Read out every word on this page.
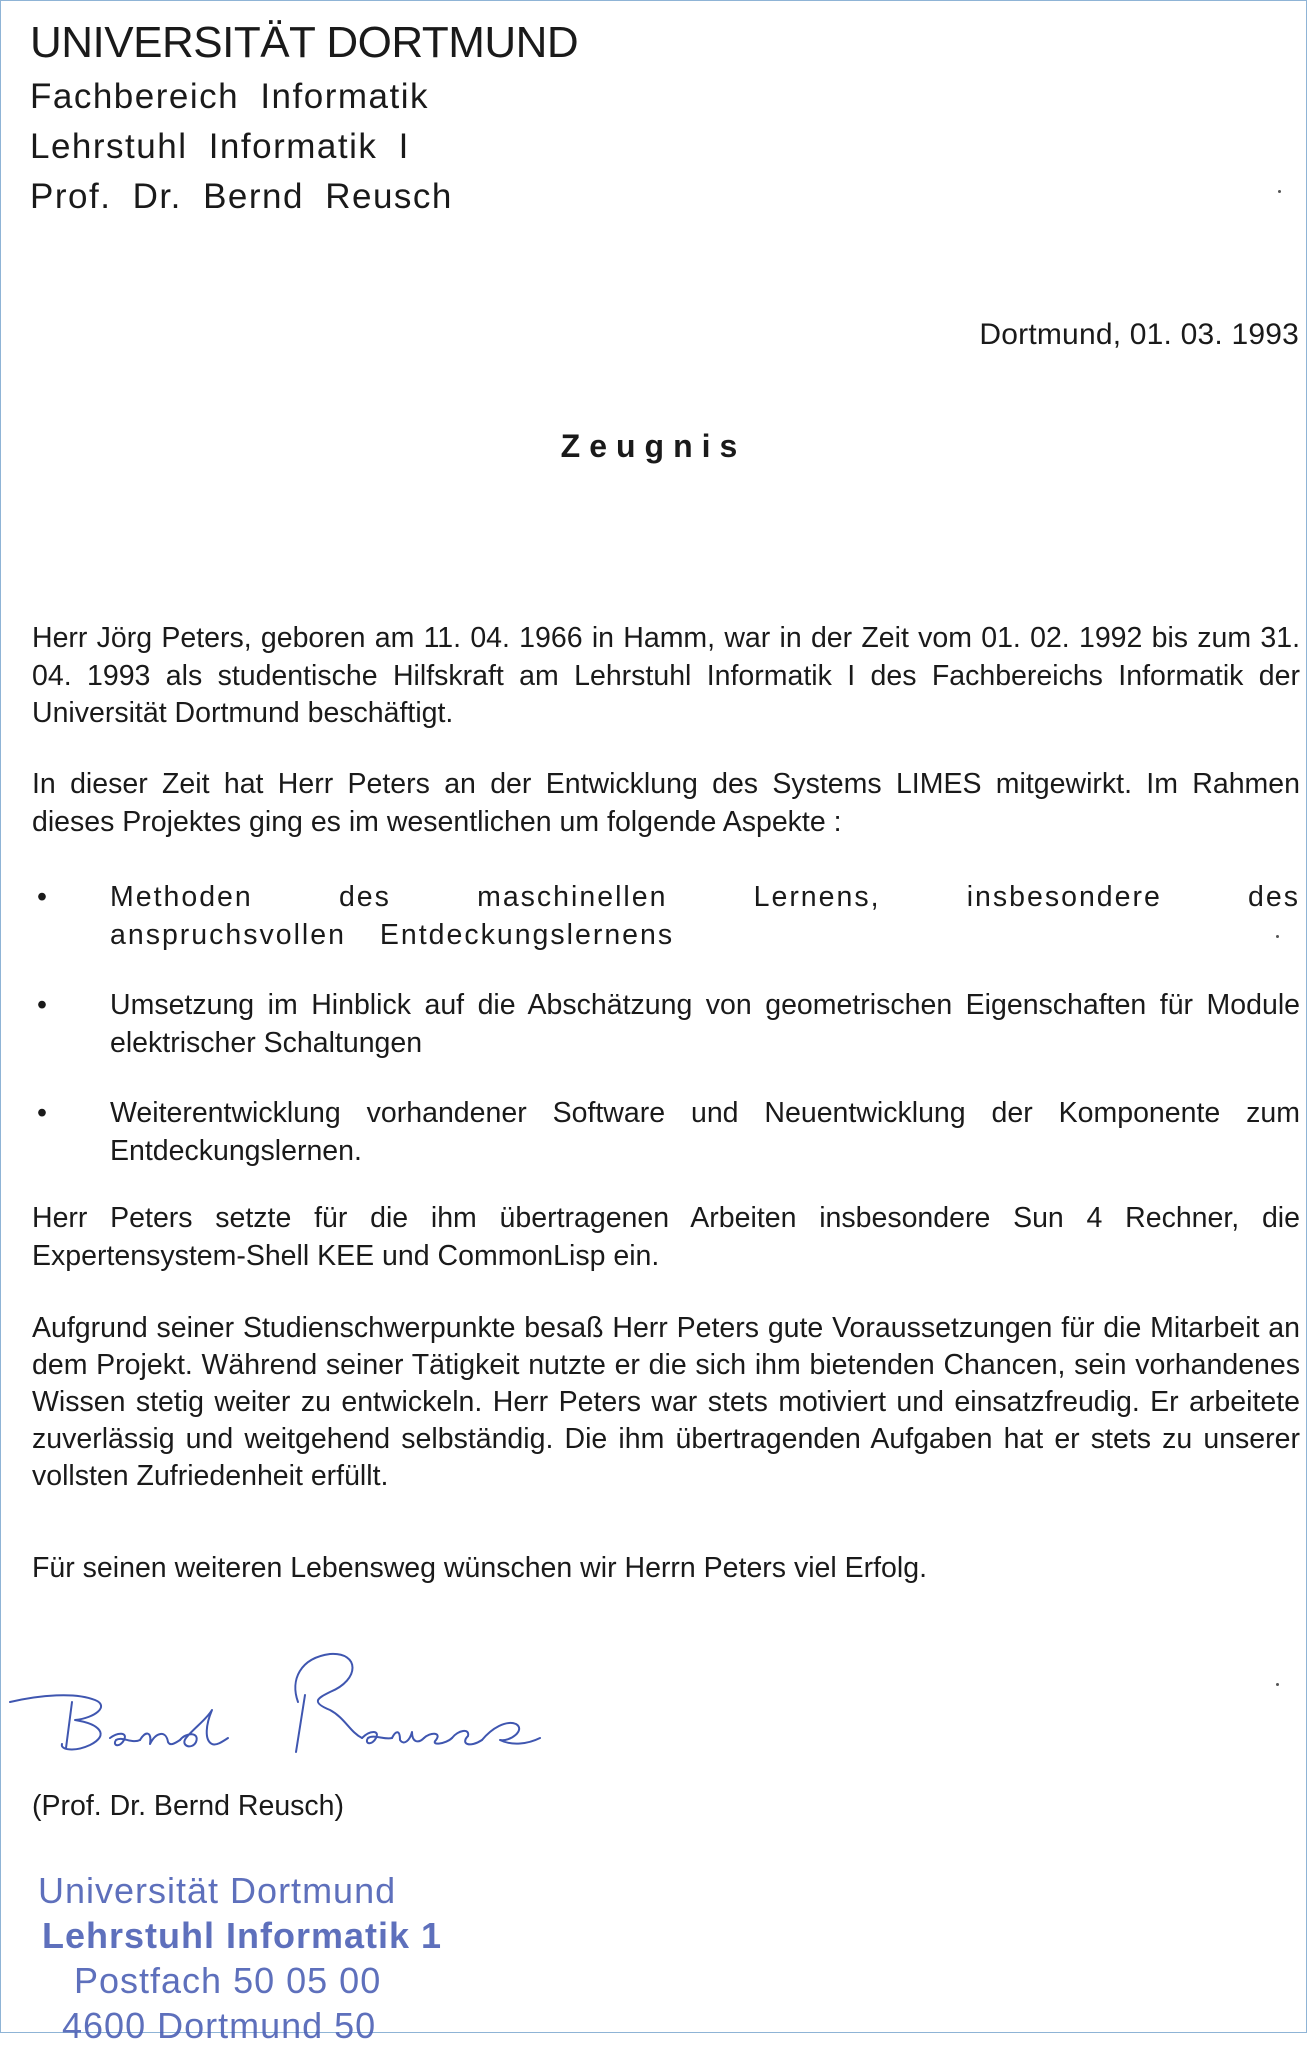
UNIVERSITÄT DORTMUND
Fachbereich Informatik
Lehrstuhl Informatik I
Prof. Dr. Bernd Reusch
Dortmund, 01. 03. 1993
Zeugnis

Herr Jörg Peters, geboren am 11. 04. 1966 in Hamm, war in der Zeit vom 01. 02. 1992 bis zum 31. 04. 1993 als studentische Hilfskraft am Lehrstuhl Informatik I des Fachbereichs Informatik der Universität Dortmund beschäftigt.

In dieser Zeit hat Herr Peters an der Entwicklung des Systems LIMES mitgewirkt. Im Rahmen dieses Projektes ging es im wesentlichen um folgende Aspekte :

• Methoden des maschinellen Lernens, insbesondere des anspruchsvollen Entdeckungslernens
• Umsetzung im Hinblick auf die Abschätzung von geometrischen Eigenschaften für Module elektrischer Schaltungen
• Weiterentwicklung vorhandener Software und Neuentwicklung der Komponente zum Entdeckungslernen.

Herr Peters setzte für die ihm übertragenen Arbeiten insbesondere Sun 4 Rechner, die Expertensystem-Shell KEE und CommonLisp ein.

Aufgrund seiner Studienschwerpunkte besaß Herr Peters gute Voraussetzungen für die Mitarbeit an dem Projekt. Während seiner Tätigkeit nutzte er die sich ihm bietenden Chancen, sein vorhandenes Wissen stetig weiter zu entwickeln. Herr Peters war stets motiviert und einsatzfreudig. Er arbeitete zuverlässig und weitgehend selbständig. Die ihm übertragenden Aufgaben hat er stets zu unserer vollsten Zufriedenheit erfüllt.

Für seinen weiteren Lebensweg wünschen wir Herrn Peters viel Erfolg.

(Prof. Dr. Bernd Reusch)
Universität Dortmund
Lehrstuhl Informatik 1
Postfach 50 05 00
4600 Dortmund 50
